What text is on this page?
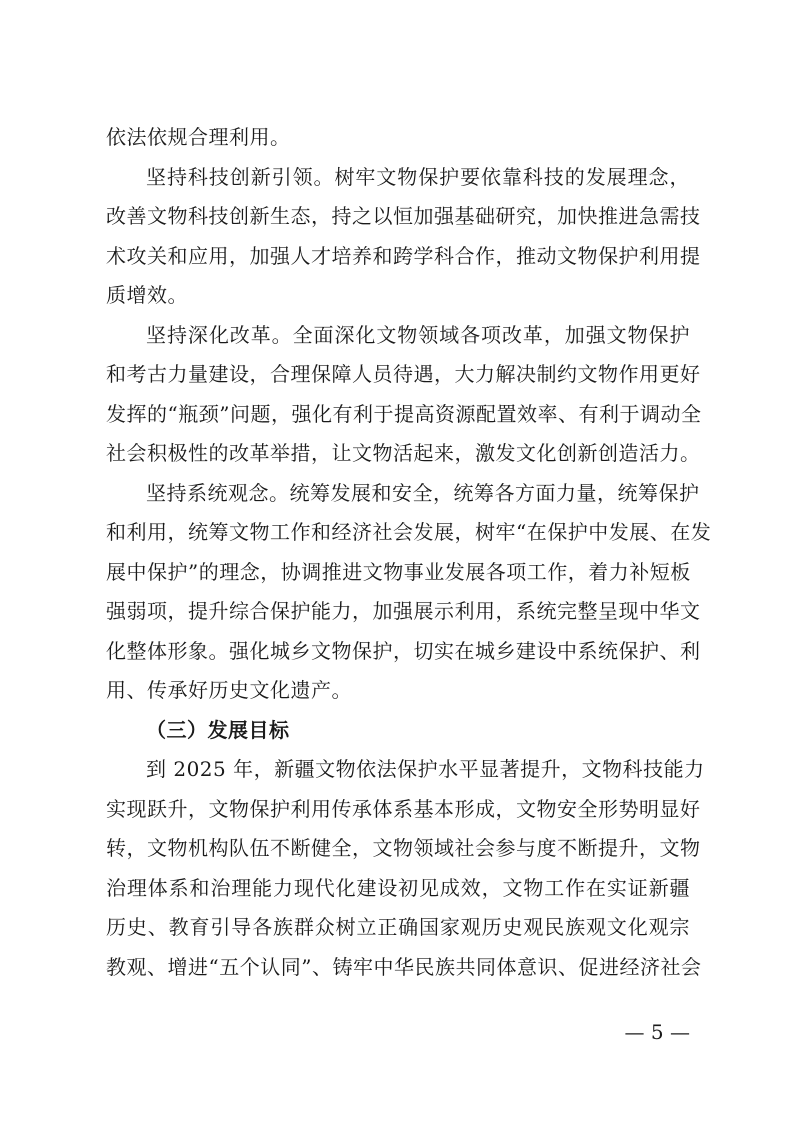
依法依规合理利用。
坚持科技创新引领。树牢文物保护要依靠科技的发展理念，
改善文物科技创新生态，持之以恒加强基础研究，加快推进急需技
术攻关和应用，加强人才培养和跨学科合作，推动文物保护利用提
质增效。
坚持深化改革。全面深化文物领域各项改革，加强文物保护
和考古力量建设，合理保障人员待遇，大力解决制约文物作用更好
发挥的“瓶颈”问题，强化有利于提高资源配置效率、有利于调动全
社会积极性的改革举措，让文物活起来，激发文化创新创造活力。
坚持系统观念。统筹发展和安全，统筹各方面力量，统筹保护
和利用，统筹文物工作和经济社会发展，树牢“在保护中发展、在发
展中保护”的理念，协调推进文物事业发展各项工作，着力补短板
强弱项，提升综合保护能力，加强展示利用，系统完整呈现中华文
化整体形象。强化城乡文物保护，切实在城乡建设中系统保护、利
用、传承好历史文化遗产。
（三）发展目标
到 2025 年，新疆文物依法保护水平显著提升，文物科技能力
实现跃升，文物保护利用传承体系基本形成，文物安全形势明显好
转，文物机构队伍不断健全，文物领域社会参与度不断提升，文物
治理体系和治理能力现代化建设初见成效，文物工作在实证新疆
历史、教育引导各族群众树立正确国家观历史观民族观文化观宗
教观、增进“五个认同”、铸牢中华民族共同体意识、促进经济社会
— 5 —
